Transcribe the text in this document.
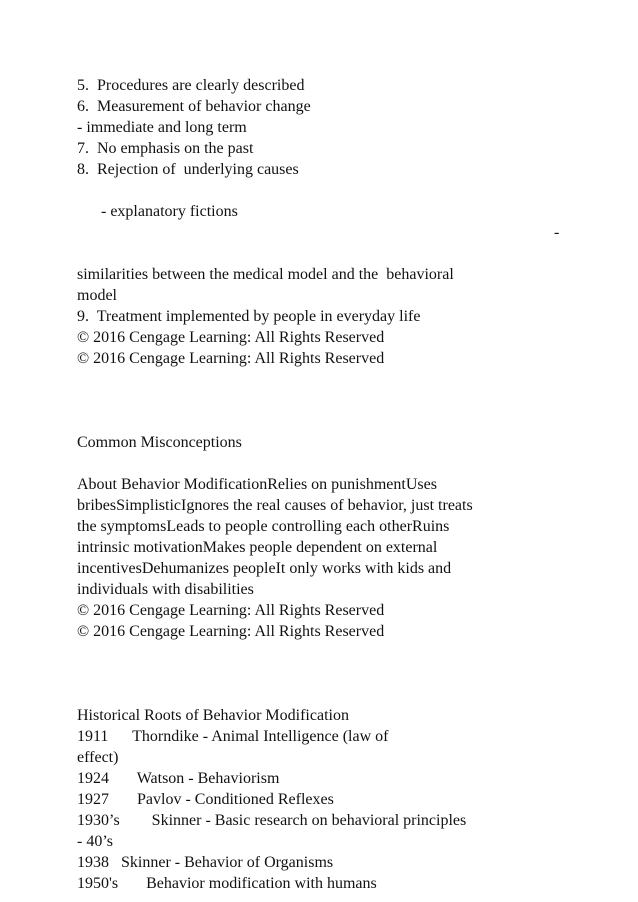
5.  Procedures are clearly described
6.  Measurement of behavior change
- immediate and long term
7.  No emphasis on the past
8.  Rejection of  underlying causes

- explanatory fictions

-

similarities between the medical model and the  behavioral
model
9.  Treatment implemented by people in everyday life
© 2016 Cengage Learning: All Rights Reserved
© 2016 Cengage Learning: All Rights Reserved
Common Misconceptions
About Behavior ModificationRelies on punishmentUses
bribesSimplisticIgnores the real causes of behavior, just treats
the symptomsLeads to people controlling each otherRuins
intrinsic motivationMakes people dependent on external
incentivesDehumanizes peopleIt only works with kids and
individuals with disabilities
© 2016 Cengage Learning: All Rights Reserved
© 2016 Cengage Learning: All Rights Reserved
Historical Roots of Behavior Modification
1911      Thorndike - Animal Intelligence (law of
effect)
1924       Watson - Behaviorism
1927       Pavlov - Conditioned Reflexes
1930’s        Skinner - Basic research on behavioral principles
- 40’s
1938   Skinner - Behavior of Organisms
1950's       Behavior modification with humans
